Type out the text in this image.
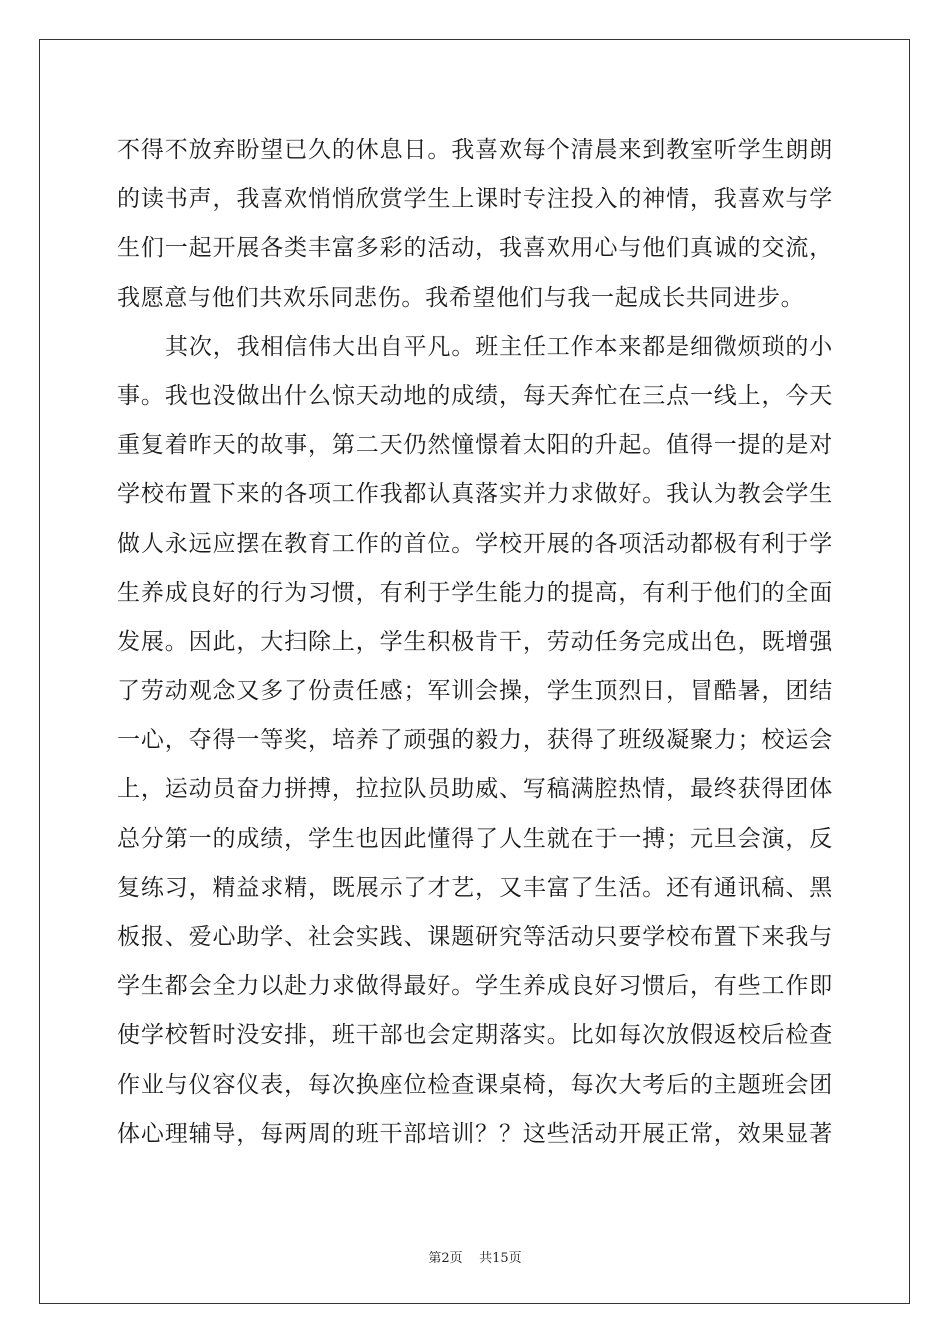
不得不放弃盼望已久的休息日。我喜欢每个清晨来到教室听学生朗朗
的读书声，我喜欢悄悄欣赏学生上课时专注投入的神情，我喜欢与学
生们一起开展各类丰富多彩的活动，我喜欢用心与他们真诚的交流，
我愿意与他们共欢乐同悲伤。我希望他们与我一起成长共同进步。
其次，我相信伟大出自平凡。班主任工作本来都是细微烦琐的小
事。我也没做出什么惊天动地的成绩，每天奔忙在三点一线上，今天
重复着昨天的故事，第二天仍然憧憬着太阳的升起。值得一提的是对
学校布置下来的各项工作我都认真落实并力求做好。我认为教会学生
做人永远应摆在教育工作的首位。学校开展的各项活动都极有利于学
生养成良好的行为习惯，有利于学生能力的提高，有利于他们的全面
发展。因此，大扫除上，学生积极肯干，劳动任务完成出色，既增强
了劳动观念又多了份责任感；军训会操，学生顶烈日，冒酷暑，团结
一心，夺得一等奖，培养了顽强的毅力，获得了班级凝聚力；校运会
上，运动员奋力拼搏，拉拉队员助威、写稿满腔热情，最终获得团体
总分第一的成绩，学生也因此懂得了人生就在于一搏；元旦会演，反
复练习，精益求精，既展示了才艺，又丰富了生活。还有通讯稿、黑
板报、爱心助学、社会实践、课题研究等活动只要学校布置下来我与
学生都会全力以赴力求做得最好。学生养成良好习惯后，有些工作即
使学校暂时没安排，班干部也会定期落实。比如每次放假返校后检查
作业与仪容仪表，每次换座位检查课桌椅，每次大考后的主题班会团
体心理辅导，每两周的班干部培训？？这些活动开展正常，效果显著
第2页 共15页
